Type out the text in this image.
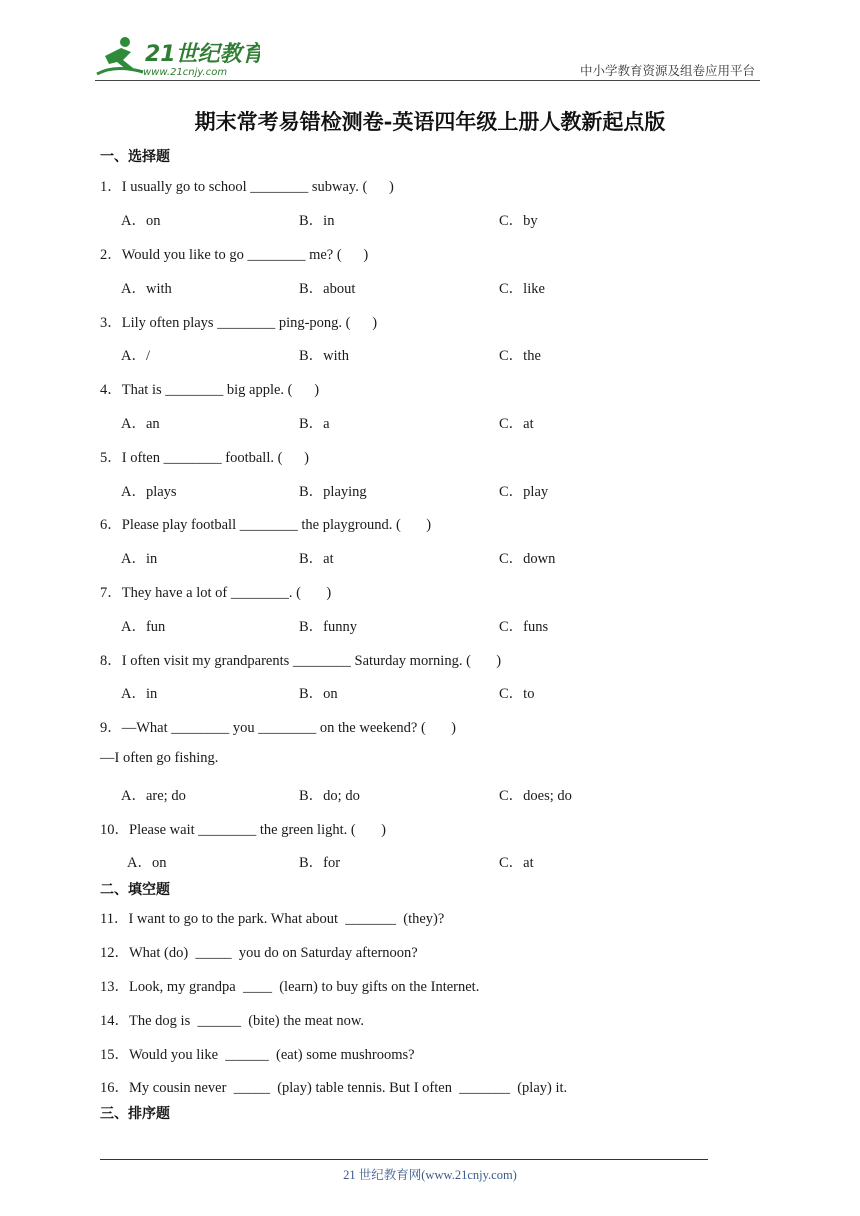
21世纪教育
www.21cnjy.com	中小学教育资源及组卷应用平台
期末常考易错检测卷-英语四年级上册人教新起点版
一、选择题
1．I usually go to school ________ subway. (      )
A．on	B．in	C．by
2．Would you like to go ________ me? (      )
A．with	B．about	C．like
3．Lily often plays ________ ping-pong. (      )
A．/	B．with	C．the
4．That is ________ big apple. (      )
A．an	B．a	C．at
5．I often ________ football. (      )
A．plays	B．playing	C．play
6．Please play football ________ the playground. (       )
A．in	B．at	C．down
7．They have a lot of ________. (       )
A．fun	B．funny	C．funs
8．I often visit my grandparents ________ Saturday morning. (       )
A．in	B．on	C．to
9．—What ________ you ________ on the weekend? (       )
—I often go fishing.
A．are; do	B．do; do	C．does; do
10．Please wait ________ the green light. (       )
A．on	B．for	C．at
二、填空题
11．I want to go to the park. What about  _______  (they)?
12．What (do)  _____  you do on Saturday afternoon?
13．Look, my grandpa  ____  (learn) to buy gifts on the Internet.
14．The dog is  ______  (bite) the meat now.
15．Would you like  ______  (eat) some mushrooms?
16．My cousin never  _____  (play) table tennis. But I often  _______  (play) it.
三、排序题
21 世纪教育网(www.21cnjy.com)
